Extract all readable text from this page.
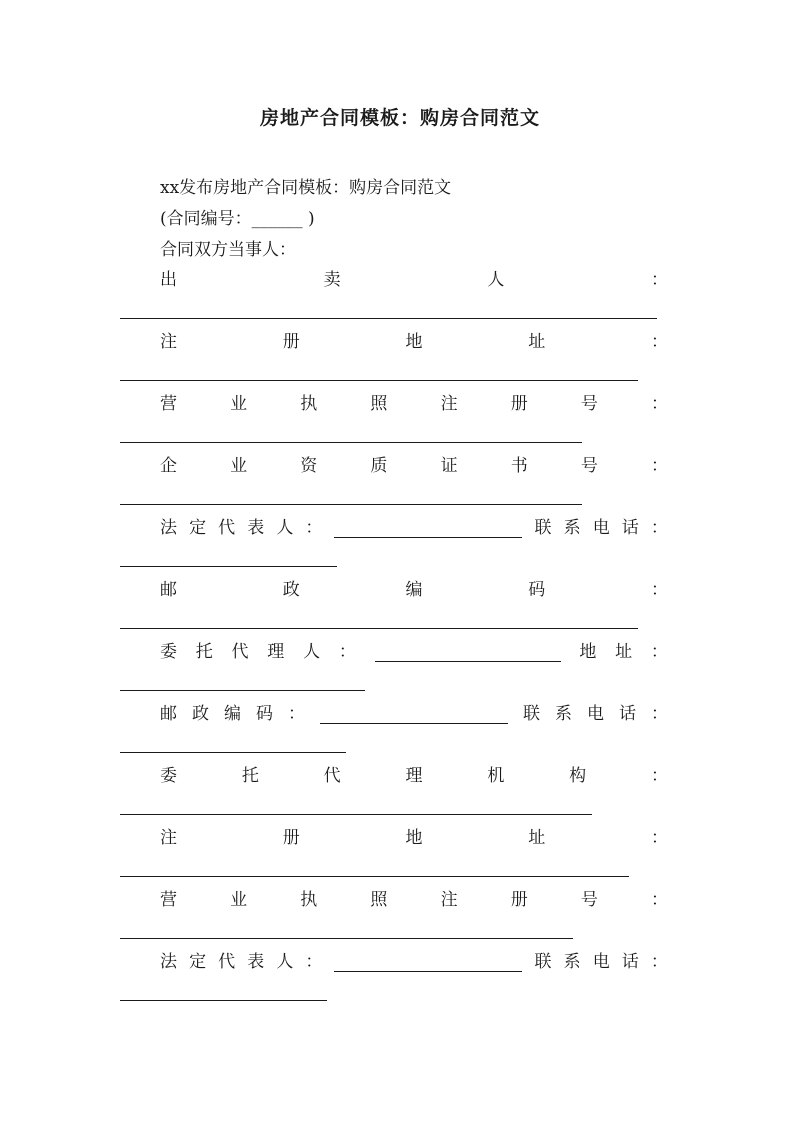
房地产合同模板：购房合同范文
xx发布房地产合同模板：购房合同范文
(合同编号：______ )
合同双方当事人：
出	卖	人	：
注	册	地	址	：
营	业	执	照	注	册	号	：
企	业	资	质	证	书	号	：
法 定 代 表 人 ：	联 系 电 话 ：
邮	政	编	码	：
委 托 代 理 人 ：	地 址 ：
邮 政 编 码 ：	联 系 电 话 ：
委	托	代	理	机	构	：
注	册	地	址	：
营	业	执	照	注	册	号	：
法 定 代 表 人 ：	联 系 电 话 ：
